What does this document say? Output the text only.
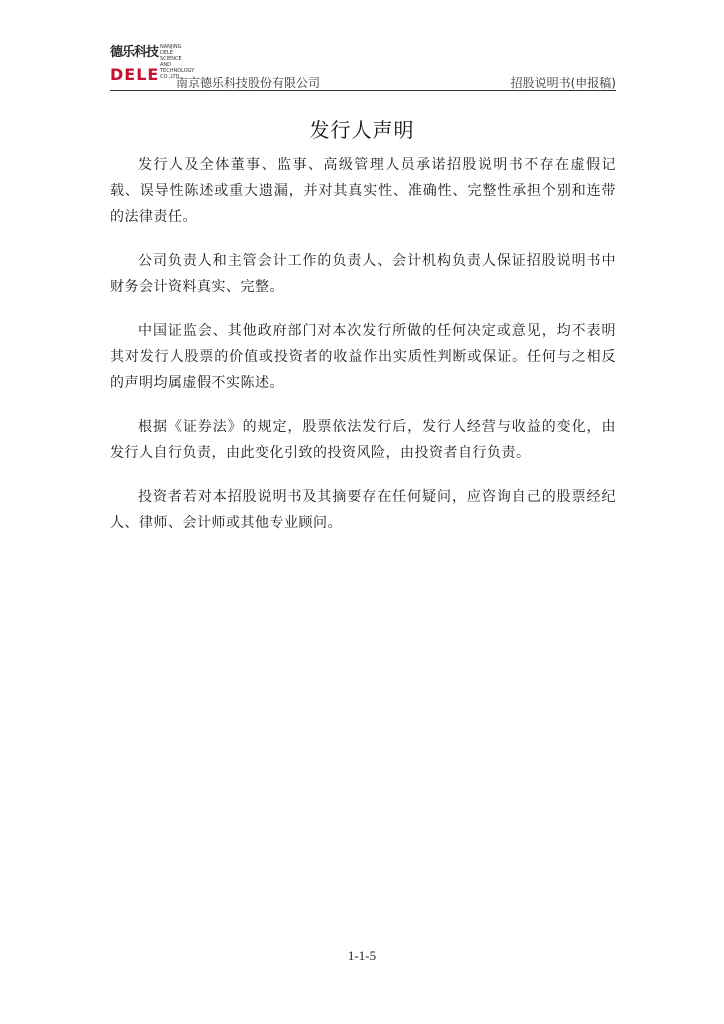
德乐科技
DELE
NANJING
DELE
SCIENCE
AND
TECHNOLOGY
CO.,LTD.
南京德乐科技股份有限公司	招股说明书(申报稿)
发行人声明

发行人及全体董事、监事、高级管理人员承诺招股说明书不存在虚假记载、误导性陈述或重大遗漏，并对其真实性、准确性、完整性承担个别和连带的法律责任。

公司负责人和主管会计工作的负责人、会计机构负责人保证招股说明书中财务会计资料真实、完整。

中国证监会、其他政府部门对本次发行所做的任何决定或意见，均不表明其对发行人股票的价值或投资者的收益作出实质性判断或保证。任何与之相反的声明均属虚假不实陈述。

根据《证券法》的规定，股票依法发行后，发行人经营与收益的变化，由发行人自行负责，由此变化引致的投资风险，由投资者自行负责。

投资者若对本招股说明书及其摘要存在任何疑问，应咨询自己的股票经纪人、律师、会计师或其他专业顾问。

1-1-5
